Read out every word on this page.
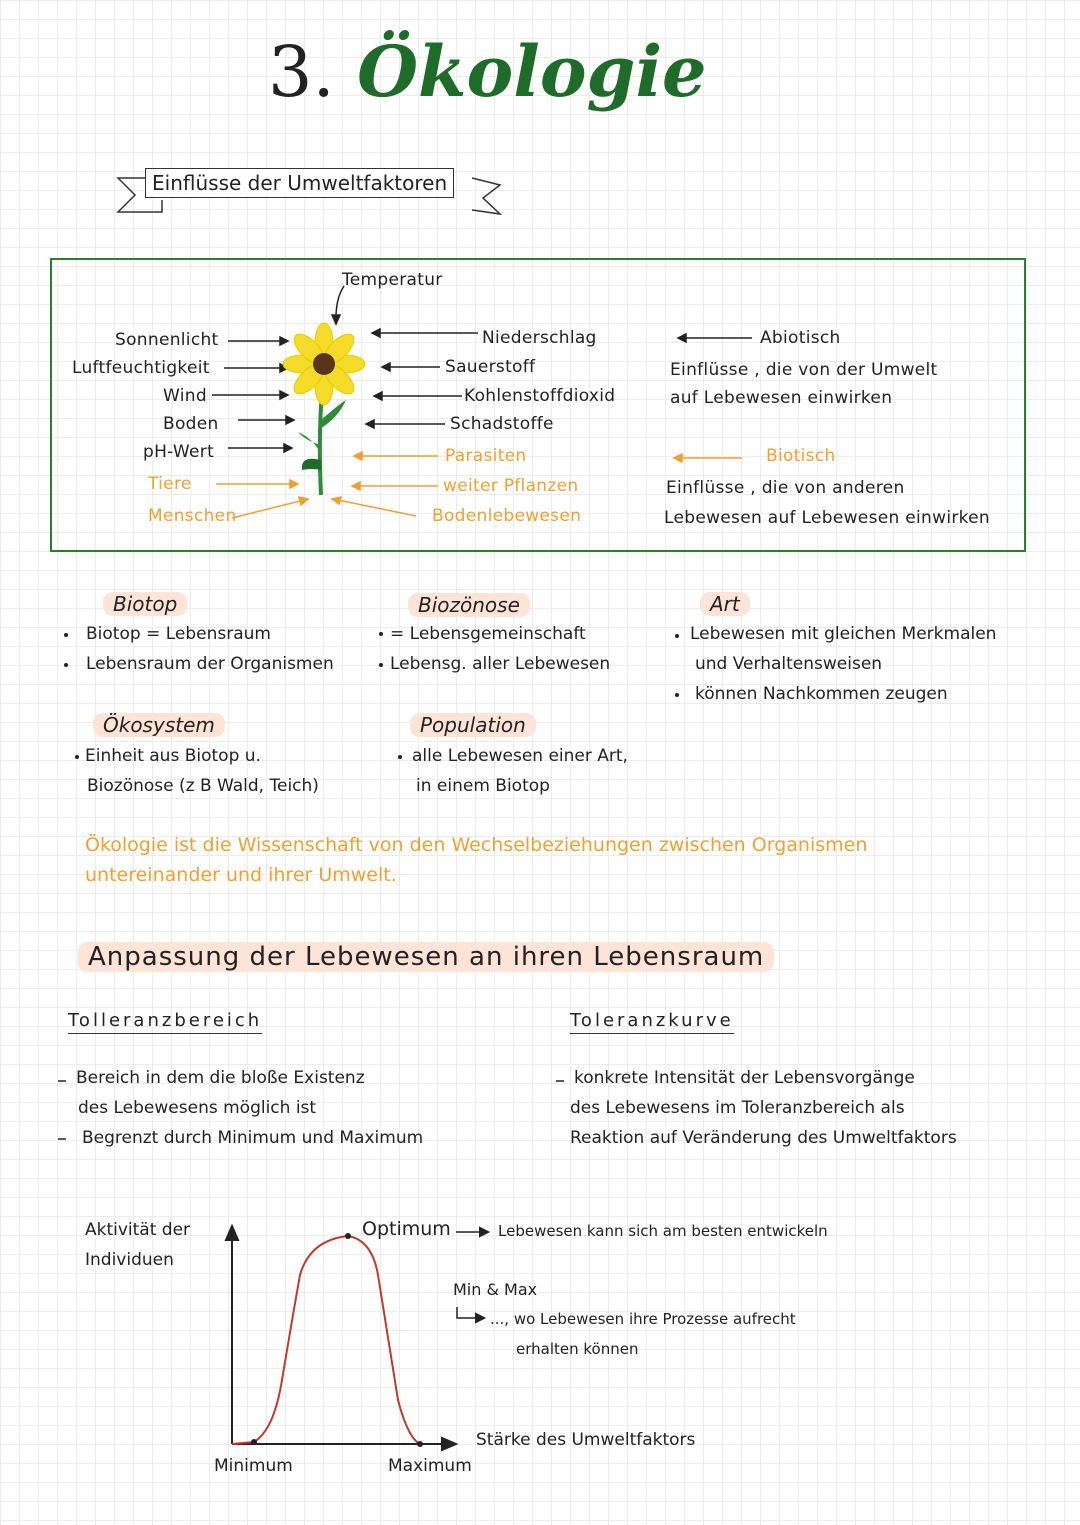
3. Ökologie
Einflüsse der Umweltfaktoren
Temperatur
Sonnenlicht
Luftfeuchtigkeit
Wind
Boden
pH-Wert
Tiere
Menschen
Niederschlag
Sauerstoff
Kohlenstoffdioxid
Schadstoffe
Parasiten
weiter Pflanzen
Bodenlebewesen
Abiotisch
Einflüsse , die von der Umwelt
auf Lebewesen einwirken
Biotisch
Einflüsse , die von anderen
Lebewesen auf Lebewesen einwirken
Biotop
Biotop = Lebensraum
Lebensraum der Organismen
Biozönose
= Lebensgemeinschaft
Lebensg. aller Lebewesen
Art
Lebewesen mit gleichen Merkmalen
und Verhaltensweisen
können Nachkommen zeugen
Ökosystem
Einheit aus Biotop u.
Biozönose (z B Wald, Teich)
Population
alle Lebewesen einer Art,
in einem Biotop
Ökologie ist die Wissenschaft von den Wechselbeziehungen zwischen Organismen
untereinander und ihrer Umwelt.
Anpassung der Lebewesen an ihren Lebensraum
Tolleranzbereich
Bereich in dem die bloße Existenz
des Lebewesens möglich ist
Begrenzt durch Minimum und Maximum
Toleranzkurve
konkrete Intensität der Lebensvorgänge
des Lebewesens im Toleranzbereich als
Reaktion auf Veränderung des Umweltfaktors
Aktivität der
Individuen
Minimum	Maximum
Stärke des Umweltfaktors
Optimum	Lebewesen kann sich am besten entwickeln
Min & Max
..., wo Lebewesen ihre Prozesse aufrecht
erhalten können
